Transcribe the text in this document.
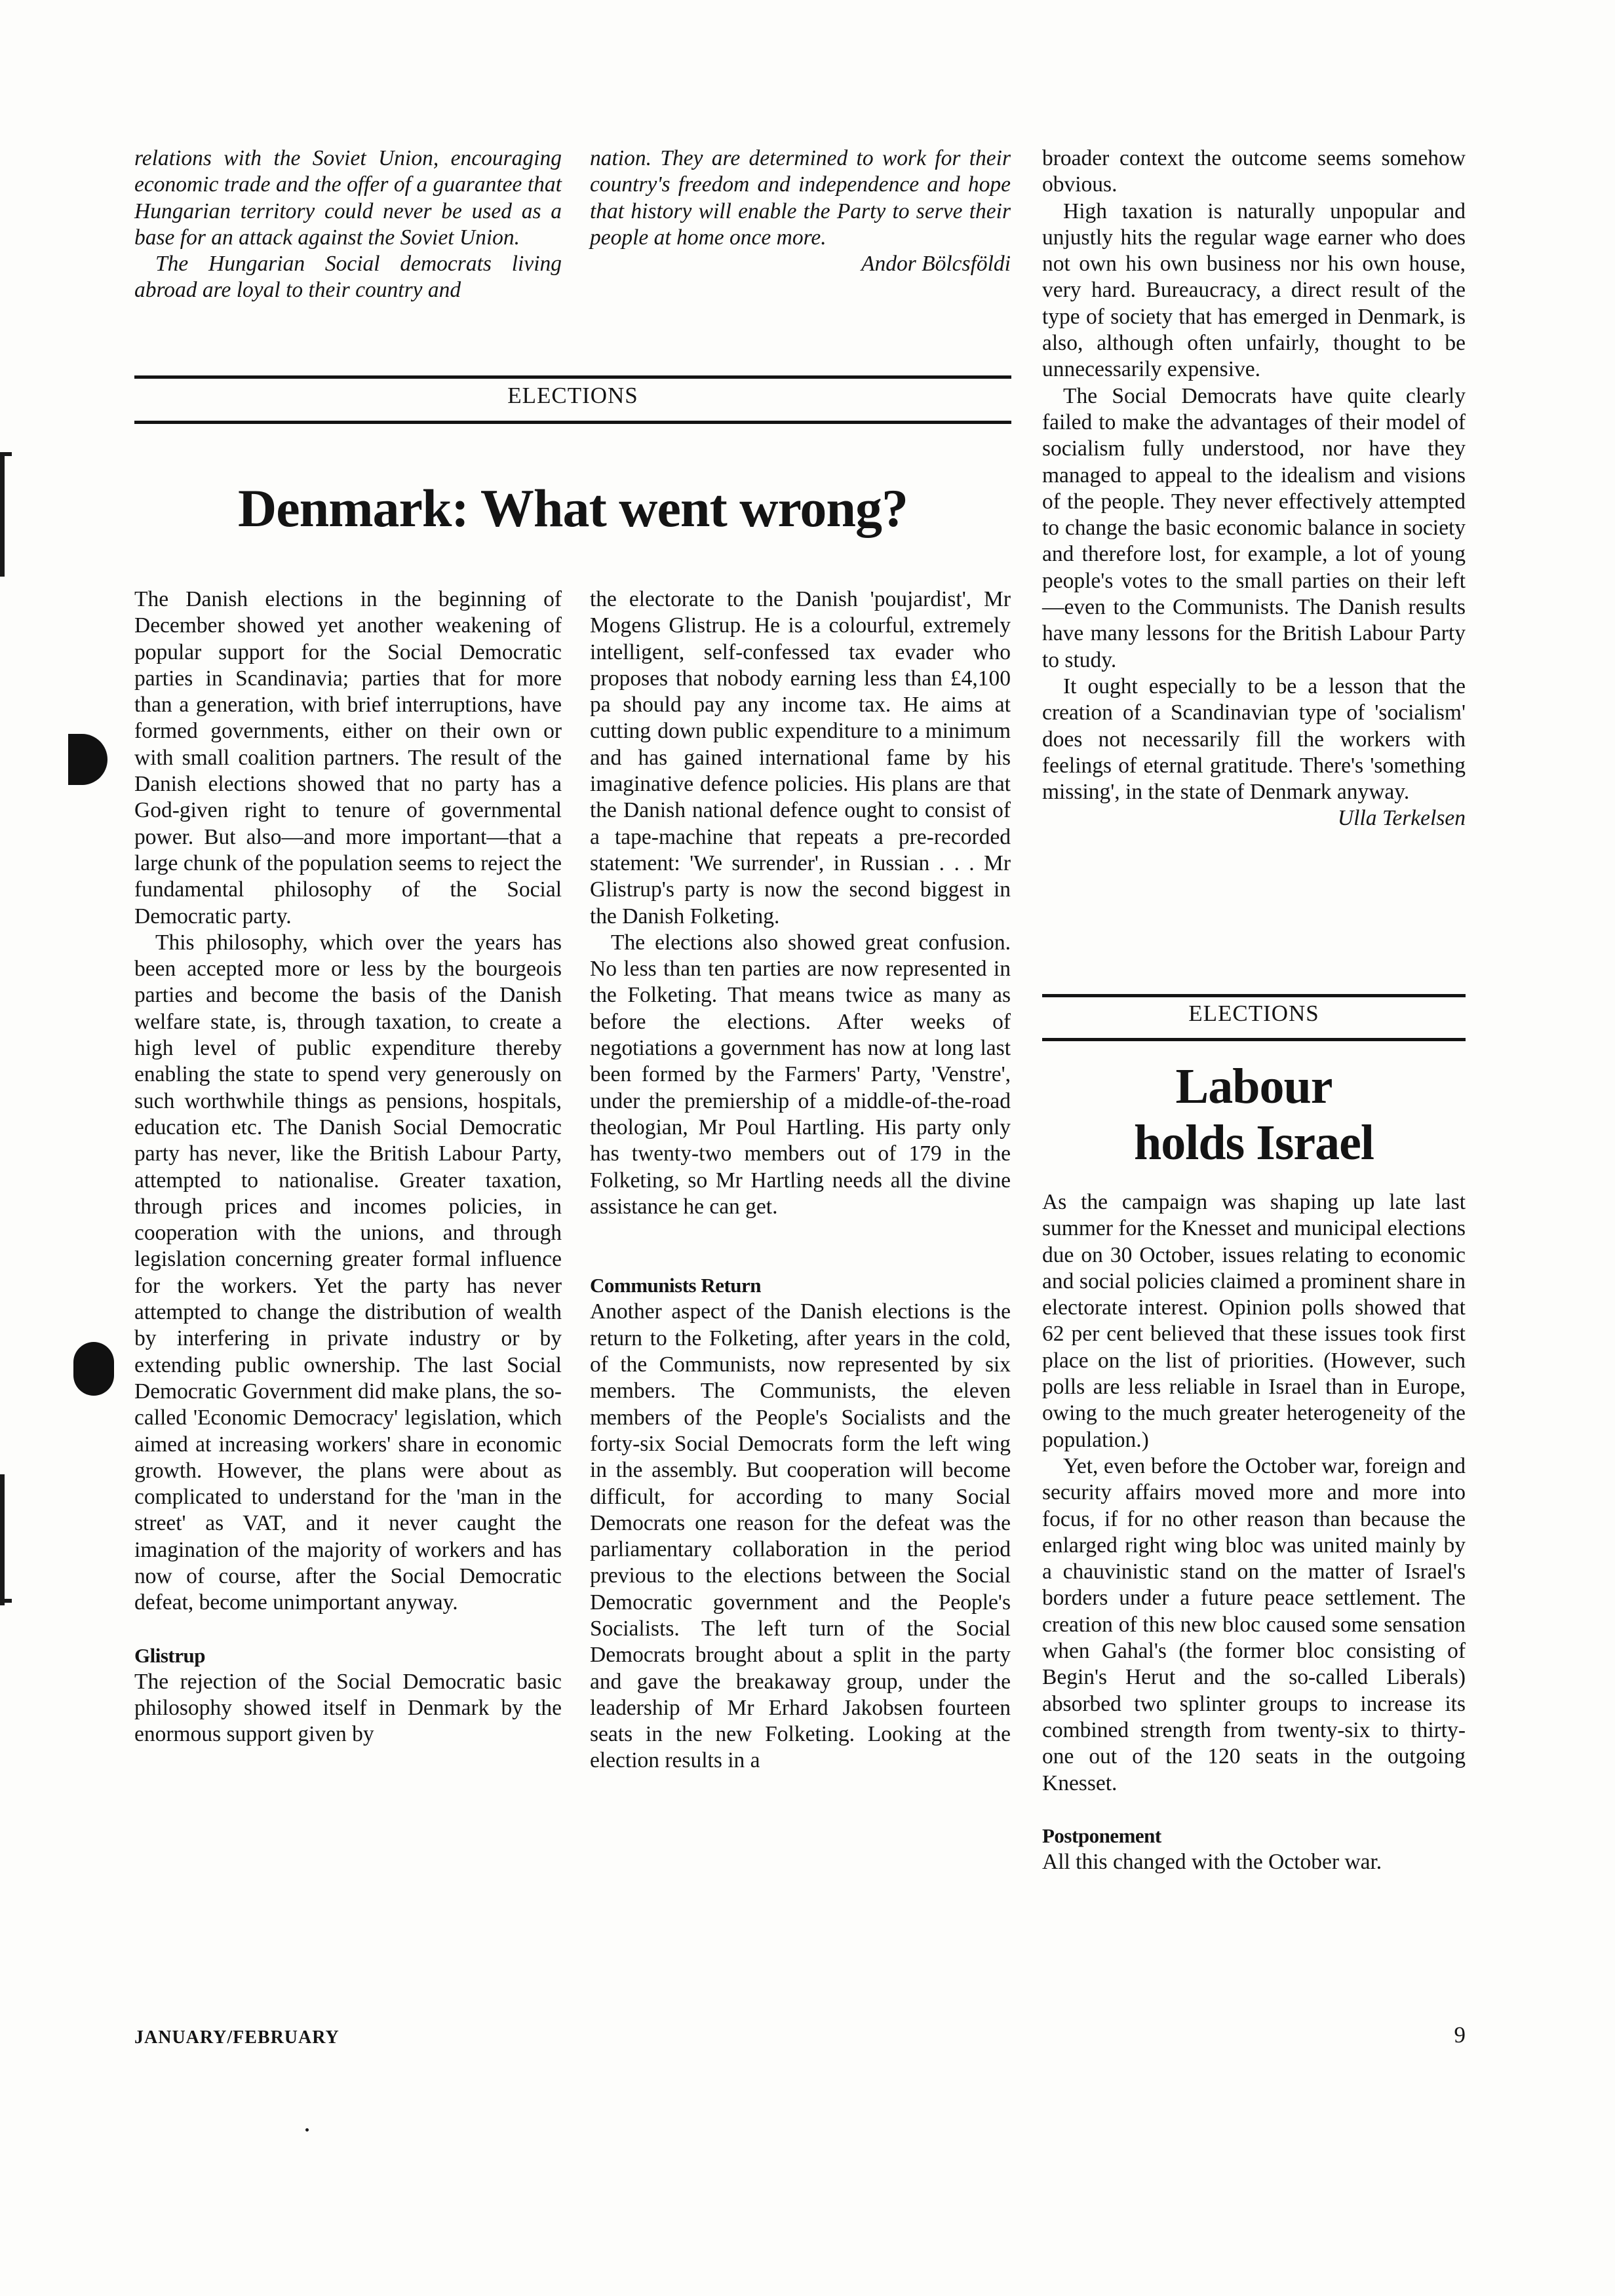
relations with the Soviet Union, encouraging economic trade and the offer of a guarantee that Hungarian territory could never be used as a base for an attack against the Soviet Union.

The Hungarian Social democrats living abroad are loyal to their country and

nation. They are determined to work for their country's freedom and independence and hope that history will enable the Party to serve their people at home once more.

Andor Bölcsföldi

ELECTIONS
Denmark: What went wrong?

The Danish elections in the beginning of December showed yet another weakening of popular support for the Social Democratic parties in Scandinavia; parties that for more than a generation, with brief interruptions, have formed governments, either on their own or with small coalition partners. The result of the Danish elections showed that no party has a God-given right to tenure of governmental power. But also—and more important—that a large chunk of the population seems to reject the fundamental philosophy of the Social Democratic party.

This philosophy, which over the years has been accepted more or less by the bourgeois parties and become the basis of the Danish welfare state, is, through taxation, to create a high level of public expenditure thereby enabling the state to spend very generously on such worthwhile things as pensions, hospitals, education etc. The Danish Social Democratic party has never, like the British Labour Party, attempted to nationalise. Greater taxation, through prices and incomes policies, in cooperation with the unions, and through legislation concerning greater formal influence for the workers. Yet the party has never attempted to change the distribution of wealth by interfering in private industry or by extending public ownership. The last Social Democratic Government did make plans, the so-called 'Economic Democracy' legislation, which aimed at increasing workers' share in economic growth. However, the plans were about as complicated to understand for the 'man in the street' as VAT, and it never caught the imagination of the majority of workers and has now of course, after the Social Democratic defeat, become unimportant anyway.

Glistrup

The rejection of the Social Democratic basic philosophy showed itself in Denmark by the enormous support given by

the electorate to the Danish 'poujardist', Mr Mogens Glistrup. He is a colourful, extremely intelligent, self-confessed tax evader who proposes that nobody earning less than £4,100 pa should pay any income tax. He aims at cutting down public expenditure to a minimum and has gained international fame by his imaginative defence policies. His plans are that the Danish national defence ought to consist of a tape-machine that repeats a pre-recorded statement: 'We surrender', in Russian . . . Mr Glistrup's party is now the second biggest in the Danish Folketing.

The elections also showed great confusion. No less than ten parties are now represented in the Folketing. That means twice as many as before the elections. After weeks of negotiations a government has now at long last been formed by the Farmers' Party, 'Venstre', under the premiership of a middle-of-the-road theologian, Mr Poul Hartling. His party only has twenty-two members out of 179 in the Folketing, so Mr Hartling needs all the divine assistance he can get.

Communists Return

Another aspect of the Danish elections is the return to the Folketing, after years in the cold, of the Communists, now represented by six members. The Communists, the eleven members of the People's Socialists and the forty-six Social Democrats form the left wing in the assembly. But cooperation will become difficult, for according to many Social Democrats one reason for the defeat was the parliamentary collaboration in the period previous to the elections between the Social Democratic government and the People's Socialists. The left turn of the Social Democrats brought about a split in the party and gave the breakaway group, under the leadership of Mr Erhard Jakobsen fourteen seats in the new Folketing. Looking at the election results in a

broader context the outcome seems somehow obvious.

High taxation is naturally unpopular and unjustly hits the regular wage earner who does not own his own business nor his own house, very hard. Bureaucracy, a direct result of the type of society that has emerged in Denmark, is also, although often unfairly, thought to be unnecessarily expensive.

The Social Democrats have quite clearly failed to make the advantages of their model of socialism fully understood, nor have they managed to appeal to the idealism and visions of the people. They never effectively attempted to change the basic economic balance in society and therefore lost, for example, a lot of young people's votes to the small parties on their left—even to the Communists. The Danish results have many lessons for the British Labour Party to study.

It ought especially to be a lesson that the creation of a Scandinavian type of 'socialism' does not necessarily fill the workers with feelings of eternal gratitude. There's 'something missing', in the state of Denmark anyway.

Ulla Terkelsen

ELECTIONS
Labour
holds Israel

As the campaign was shaping up late last summer for the Knesset and municipal elections due on 30 October, issues relating to economic and social policies claimed a prominent share in electorate interest. Opinion polls showed that 62 per cent believed that these issues took first place on the list of priorities. (However, such polls are less reliable in Israel than in Europe, owing to the much greater heterogeneity of the population.)

Yet, even before the October war, foreign and security affairs moved more and more into focus, if for no other reason than because the enlarged right wing bloc was united mainly by a chauvinistic stand on the matter of Israel's borders under a future peace settlement. The creation of this new bloc caused some sensation when Gahal's (the former bloc consisting of Begin's Herut and the so-called Liberals) absorbed two splinter groups to increase its combined strength from twenty-six to thirty-one out of the 120 seats in the outgoing Knesset.

Postponement

All this changed with the October war.

JANUARY/FEBRUARY	9
